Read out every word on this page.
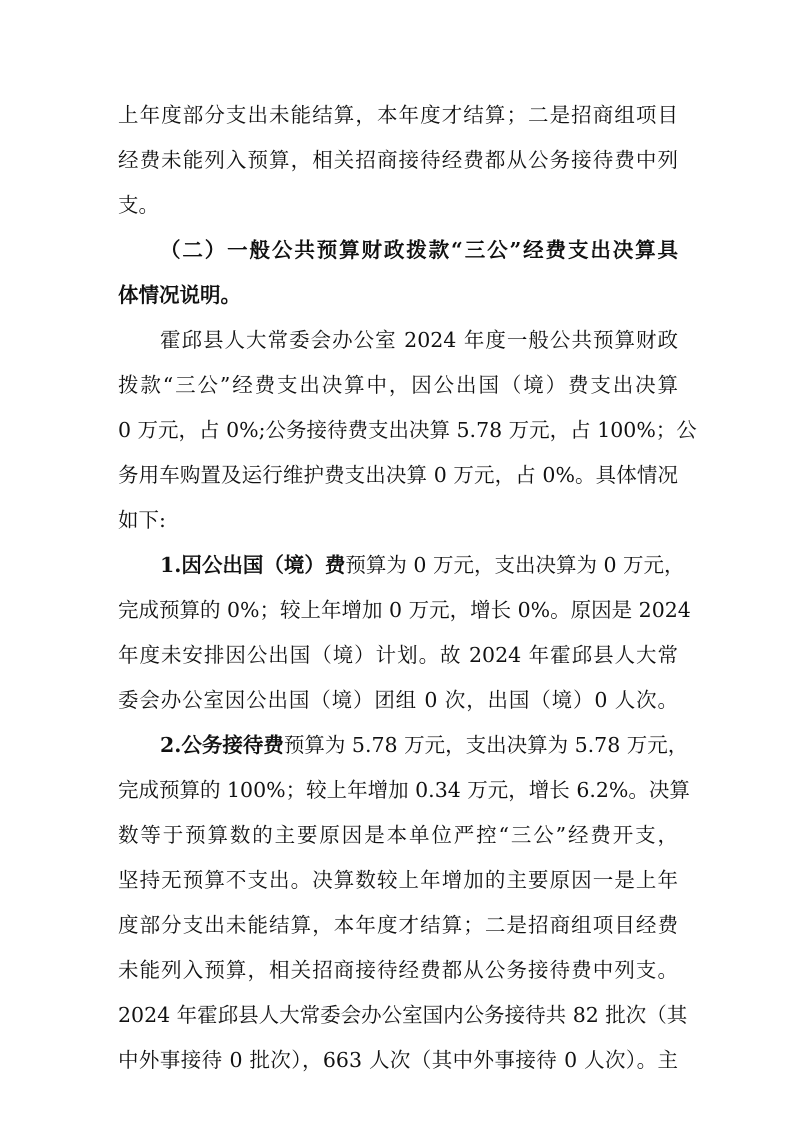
上年度部分支出未能结算，本年度才结算；二是招商组项目
经费未能列入预算，相关招商接待经费都从公务接待费中列
支。
（二）一般公共预算财政拨款“三公”经费支出决算具
体情况说明。
霍邱县人大常委会办公室 2024 年度一般公共预算财政
拨款“三公”经费支出决算中，因公出国（境）费支出决算
0 万元，占 0%;公务接待费支出决算 5.78 万元，占 100%；公
务用车购置及运行维护费支出决算 0 万元，占 0%。具体情况
如下:
1.因公出国（境）费预算为 0 万元，支出决算为 0 万元，
完成预算的 0%；较上年增加 0 万元，增长 0%。原因是 2024
年度未安排因公出国（境）计划。故 2024 年霍邱县人大常
委会办公室因公出国（境）团组 0 次，出国（境）0 人次。
2.公务接待费预算为 5.78 万元，支出决算为 5.78 万元，
完成预算的 100%；较上年增加 0.34 万元，增长 6.2%。决算
数等于预算数的主要原因是本单位严控“三公”经费开支，
坚持无预算不支出。决算数较上年增加的主要原因一是上年
度部分支出未能结算，本年度才结算；二是招商组项目经费
未能列入预算，相关招商接待经费都从公务接待费中列支。
2024 年霍邱县人大常委会办公室国内公务接待共 82 批次（其
中外事接待 0 批次），663 人次（其中外事接待 0 人次）。主
